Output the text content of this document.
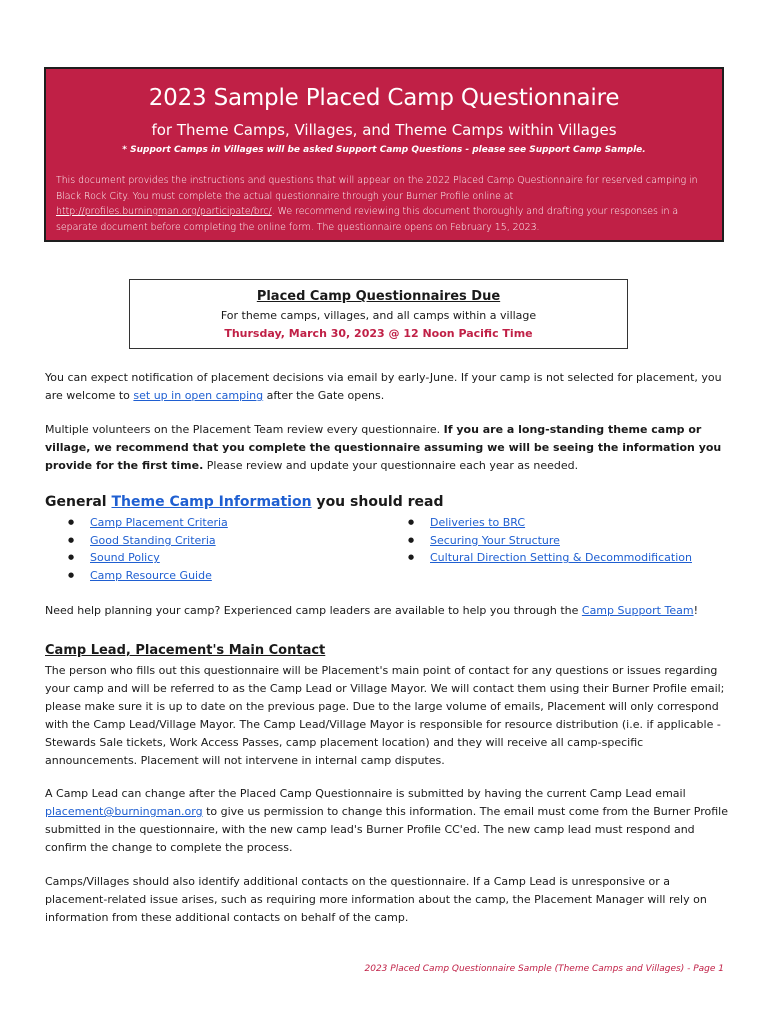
2023 Sample Placed Camp Questionnaire
for Theme Camps, Villages, and Theme Camps within Villages
* Support Camps in Villages will be asked Support Camp Questions - please see Support Camp Sample.
This document provides the instructions and questions that will appear on the 2022 Placed Camp Questionnaire for reserved camping in Black Rock City. You must complete the actual questionnaire through your Burner Profile online at http://profiles.burningman.org/participate/brc/. We recommend reviewing this document thoroughly and drafting your responses in a separate document before completing the online form. The questionnaire opens on February 15, 2023.
Placed Camp Questionnaires Due
For theme camps, villages, and all camps within a village
Thursday, March 30, 2023 @ 12 Noon Pacific Time
You can expect notification of placement decisions via email by early-June. If your camp is not selected for placement, you are welcome to set up in open camping after the Gate opens.
Multiple volunteers on the Placement Team review every questionnaire. If you are a long-standing theme camp or village, we recommend that you complete the questionnaire assuming we will be seeing the information you provide for the first time. Please review and update your questionnaire each year as needed.
General Theme Camp Information you should read
● Camp Placement Criteria
● Good Standing Criteria
● Sound Policy
● Camp Resource Guide
● Deliveries to BRC
● Securing Your Structure
● Cultural Direction Setting & Decommodification
Need help planning your camp? Experienced camp leaders are available to help you through the Camp Support Team!
Camp Lead, Placement's Main Contact
The person who fills out this questionnaire will be Placement's main point of contact for any questions or issues regarding your camp and will be referred to as the Camp Lead or Village Mayor. We will contact them using their Burner Profile email; please make sure it is up to date on the previous page. Due to the large volume of emails, Placement will only correspond with the Camp Lead/Village Mayor. The Camp Lead/Village Mayor is responsible for resource distribution (i.e. if applicable - Stewards Sale tickets, Work Access Passes, camp placement location) and they will receive all camp-specific announcements. Placement will not intervene in internal camp disputes.
A Camp Lead can change after the Placed Camp Questionnaire is submitted by having the current Camp Lead email placement@burningman.org to give us permission to change this information. The email must come from the Burner Profile submitted in the questionnaire, with the new camp lead's Burner Profile CC'ed. The new camp lead must respond and confirm the change to complete the process.
Camps/Villages should also identify additional contacts on the questionnaire. If a Camp Lead is unresponsive or a placement-related issue arises, such as requiring more information about the camp, the Placement Manager will rely on information from these additional contacts on behalf of the camp.
2023 Placed Camp Questionnaire Sample (Theme Camps and Villages) - Page 1
